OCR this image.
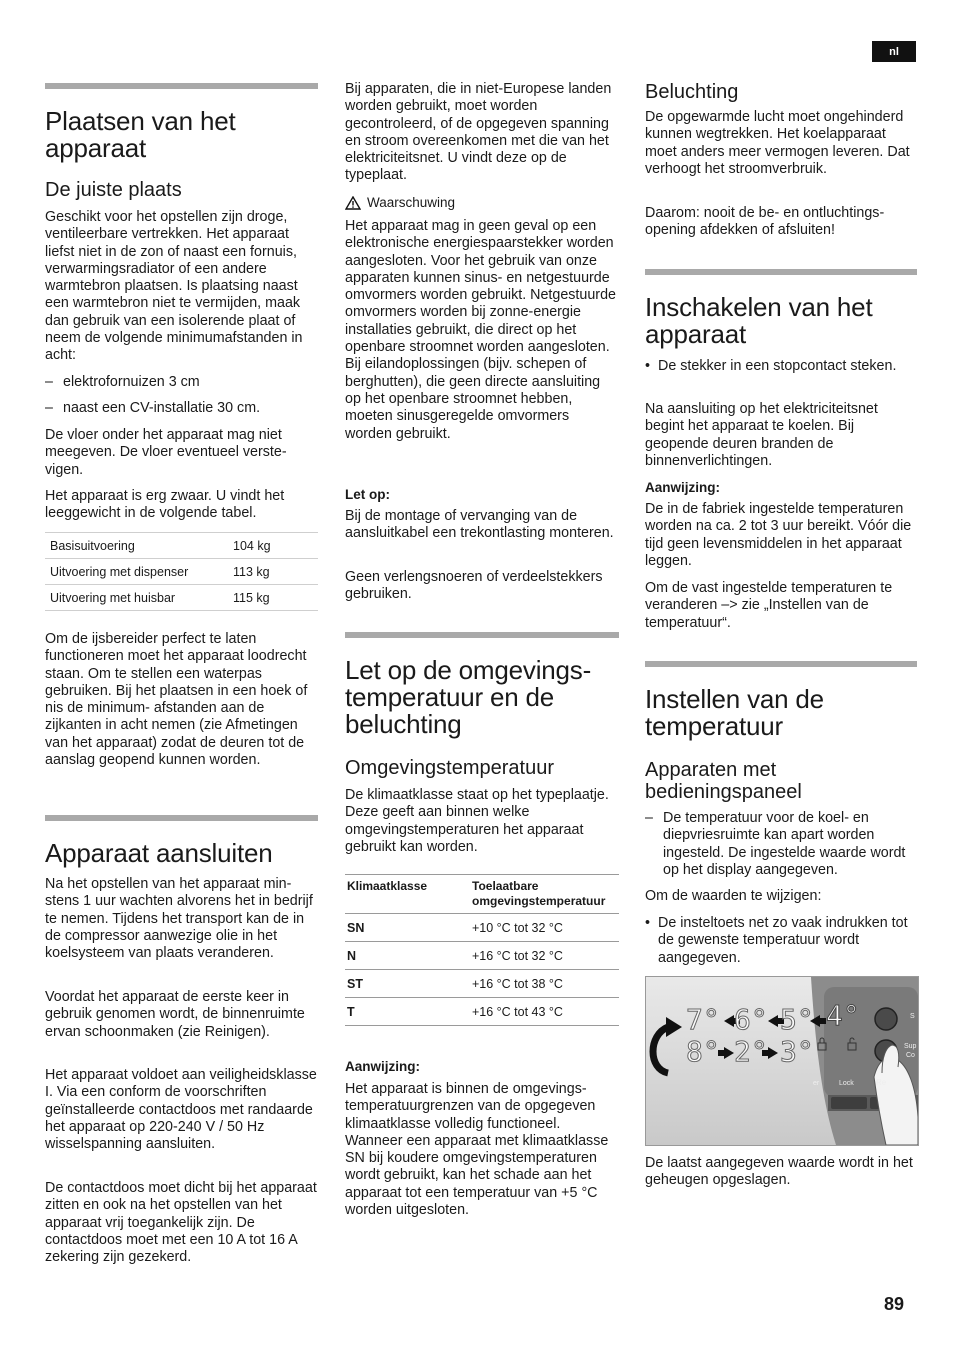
nl
Plaatsen van het apparaat
De juiste plaats

Geschikt voor het opstellen zijn droge, ventileerbare vertrekken. Het apparaat liefst niet in de zon of naast een fornuis, verwarmingsradiator of een andere warmtebron plaatsen. Is plaatsing naast een warmtebron niet te vermijden, maak dan gebruik van een isolerende plaat of neem de volgende minimumafstanden in acht:

– elektrofornuizen 3 cm
– naast een CV-installatie 30 cm.

De vloer onder het apparaat mag niet meegeven. De vloer eventueel verstevigen.

Het apparaat is erg zwaar. U vindt het leeggewicht in de volgende tabel.

Basisuitvoering	104 kg
Uitvoering met dispenser	113 kg
Uitvoering met huisbar	115 kg

Om de ijsbereider perfect te laten functioneren moet het apparaat loodrecht staan. Om te stellen een waterpas gebruiken. Bij het plaatsen in een hoek of nis de minimum- afstanden aan de zijkanten in acht nemen (zie Afmetingen van het apparaat) zodat de deuren tot de aanslag geopend kunnen worden.

Apparaat aansluiten

Na het opstellen van het apparaat minstens 1 uur wachten alvorens het in bedrijf te nemen. Tijdens het transport kan de in de compressor aanwezige olie in het koelsysteem van plaats veranderen.

Voordat het apparaat de eerste keer in gebruik genomen wordt, de binnenruimte ervan schoonmaken (zie Reinigen).

Het apparaat voldoet aan veiligheidsklasse I. Via een conform de voorschriften geïnstalleerde contactdoos met randaarde het apparaat op 220-240 V / 50 Hz wisselspanning aansluiten.

De contactdoos moet dicht bij het apparaat zitten en ook na het opstellen van het apparaat vrij toegankelijk zijn. De contactdoos moet met een 10 A tot 16 A zekering zijn gezekerd.

Bij apparaten, die in niet-Europese landen worden gebruikt, moet worden gecontroleerd, of de opgegeven spanning en stroom overeenkomen met die van het elektriciteitsnet. U vindt deze op de typeplaat.

Waarschuwing

Het apparaat mag in geen geval op een elektronische energiespaarstekker worden aangesloten. Voor het gebruik van onze apparaten kunnen sinus- en netgestuurde omvormers worden gebruikt. Netgestuurde omvormers worden bij zonne-energie installaties gebruikt, die direct op het openbare stroomnet worden aangesloten. Bij eilandoplossingen (bijv. schepen of berghutten), die geen directe aansluiting op het openbare stroomnet hebben, moeten sinusgeregelde omvormers worden gebruikt.

Let op:

Bij de montage of vervanging van de aansluitkabel een trekontlasting monteren.

Geen verlengsnoeren of verdeelstekkers gebruiken.

Let op de omgevingstemperatuur en de beluchting
Omgevingstemperatuur

De klimaatklasse staat op het typeplaatje. Deze geeft aan binnen welke omgevingstemperaturen het apparaat gebruikt kan worden.

Klimaatklasse	Toelaatbare omgevingstemperatuur
SN	+10 °C tot 32 °C
N	+16 °C tot 32 °C
ST	+16 °C tot 38 °C
T	+16 °C tot 43 °C

Aanwijzing:

Het apparaat is binnen de omgevingstemperatuurgrenzen van de opgegeven klimaatklasse volledig functioneel. Wanneer een apparaat met klimaatklasse SN bij koudere omgevingstemperaturen wordt gebruikt, kan het schade aan het apparaat tot een temperatuur van +5 °C worden uitgesloten.

Beluchting

De opgewarmde lucht moet ongehinderd kunnen wegtrekken. Het koelapparaat moet anders meer vermogen leveren. Dat verhoogt het stroomverbruik.

Daarom: nooit de be- en ontluchtingsopening afdekken of afsluiten!

Inschakelen van het apparaat
• De stekker in een stopcontact steken.

Na aansluiting op het elektriciteitsnet begint het apparaat te koelen. Bij geopende deuren branden de binnenverlichtingen.

Aanwijzing:

De in de fabriek ingestelde temperaturen worden na ca. 2 tot 3 uur bereikt. Vóór die tijd geen levensmiddelen in het apparaat leggen.

Om de vast ingestelde temperaturen te veranderen –> zie „Instellen van de temperatuur“.

Instellen van de temperatuur
Apparaten met bedieningspaneel
– De temperatuur voor de koel- en diepvriesruimte kan apart worden ingesteld. De ingestelde waarde wordt op het display aangegeven.

Om de waarden te wijzigen:

• De insteltoets net zo vaak indrukken tot de gewenste temperatuur wordt aangegeven.
7° 6° 5° 4°
8° 2° 3°
er	Lock	Re
S
Sup
Co

De laatst aangegeven waarde wordt in het geheugen opgeslagen.

89
